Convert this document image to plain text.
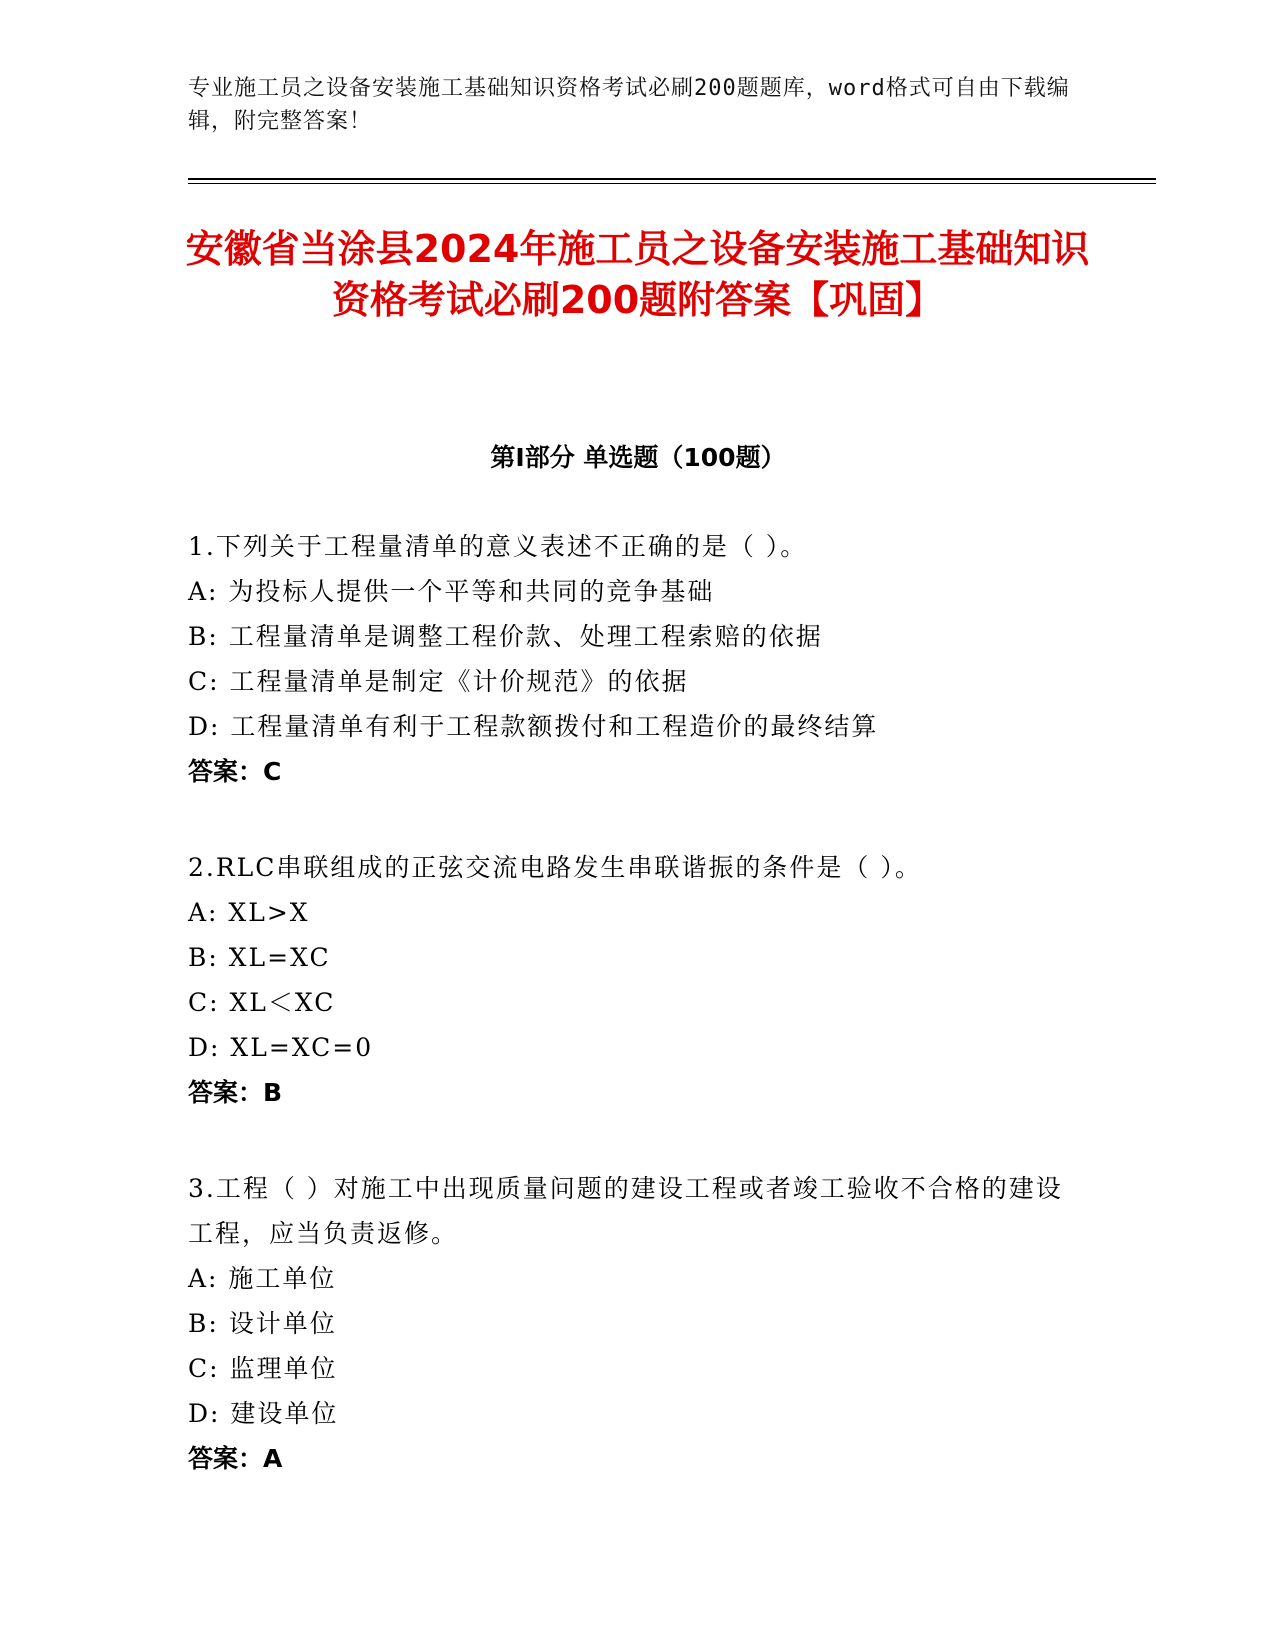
专业施工员之设备安装施工基础知识资格考试必刷200题题库，word格式可自由下载编辑，附完整答案！
安徽省当涂县2024年施工员之设备安装施工基础知识资格考试必刷200题附答案【巩固】
第I部分 单选题（100题）

1.下列关于工程量清单的意义表述不正确的是（ ）。

A: 为投标人提供一个平等和共同的竞争基础

B: 工程量清单是调整工程价款、处理工程索赔的依据

C: 工程量清单是制定《计价规范》的依据

D: 工程量清单有利于工程款额拨付和工程造价的最终结算

答案：C

2.RLC串联组成的正弦交流电路发生串联谐振的条件是（ ）。

A: XL>X

B: XL=XC

C: XL＜XC

D: XL=XC=0

答案：B

3.工程（ ）对施工中出现质量问题的建设工程或者竣工验收不合格的建设工程，应当负责返修。

A: 施工单位

B: 设计单位

C: 监理单位

D: 建设单位

答案：A
